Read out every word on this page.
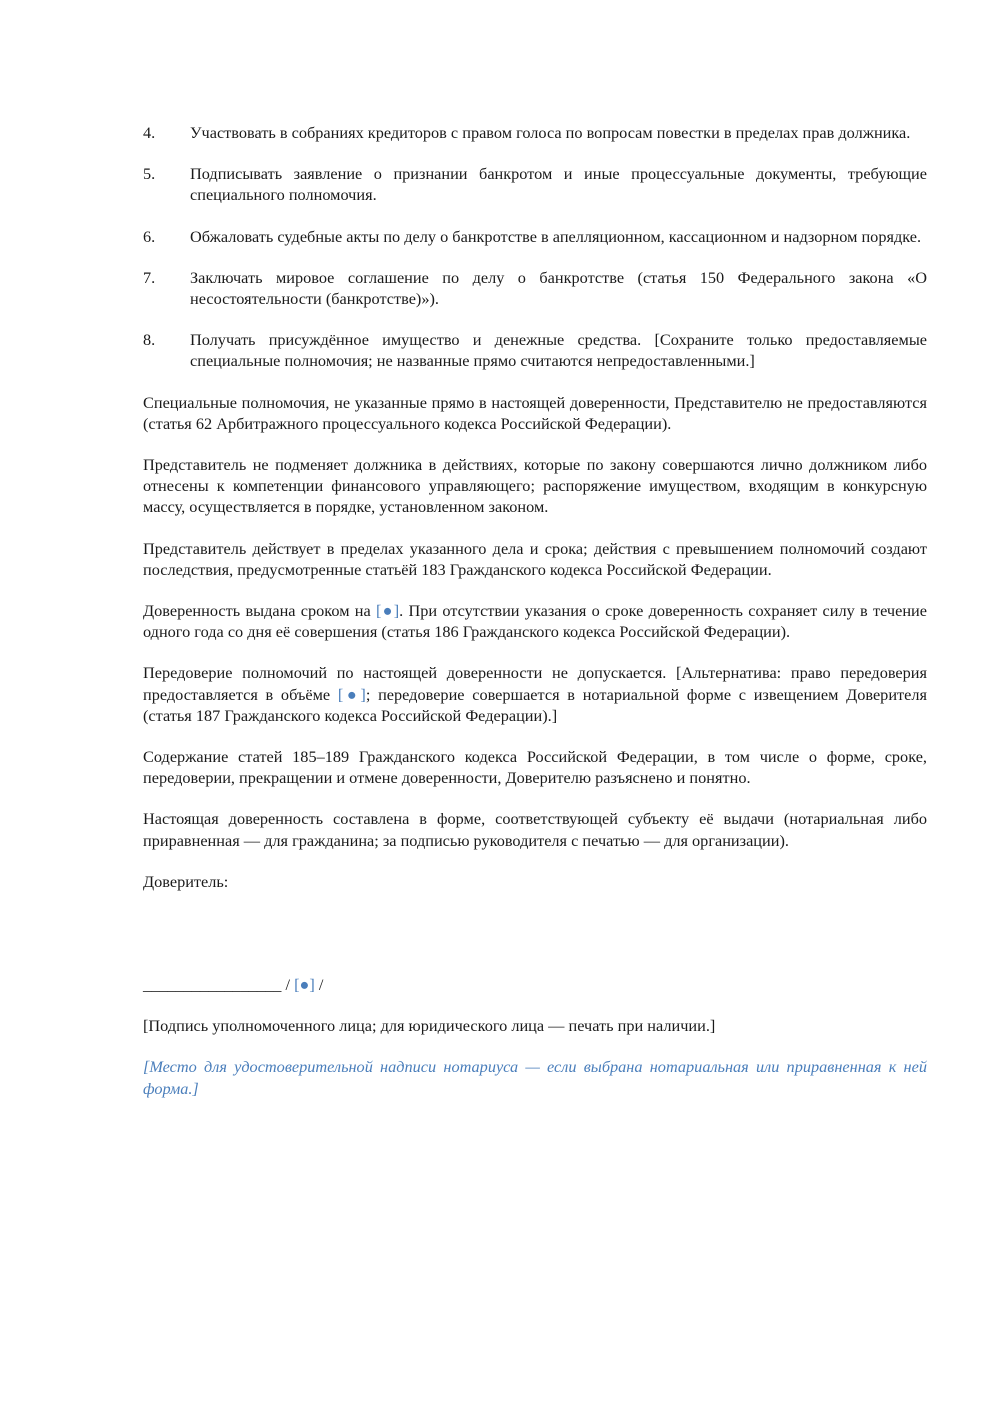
4.	Участвовать в собраниях кредиторов с правом голоса по вопросам повестки в пределах прав должника.
5.	Подписывать заявление о признании банкротом и иные процессуальные документы, требующие специального полномочия.
6.	Обжаловать судебные акты по делу о банкротстве в апелляционном, кассационном и надзорном порядке.
7.	Заключать мировое соглашение по делу о банкротстве (статья 150 Федерального закона «О несостоятельности (банкротстве)»).
8.	Получать присуждённое имущество и денежные средства. [Сохраните только предоставляемые специальные полномочия; не названные прямо считаются непредоставленными.]

Специальные полномочия, не указанные прямо в настоящей доверенности, Представителю не предоставляются (статья 62 Арбитражного процессуального кодекса Российской Федерации).

Представитель не подменяет должника в действиях, которые по закону совершаются лично должником либо отнесены к компетенции финансового управляющего; распоряжение имуществом, входящим в конкурсную массу, осуществляется в порядке, установленном законом.

Представитель действует в пределах указанного дела и срока; действия с превышением полномочий создают последствия, предусмотренные статьёй 183 Гражданского кодекса Российской Федерации.

Доверенность выдана сроком на [●]. При отсутствии указания о сроке доверенность сохраняет силу в течение одного года со дня её совершения (статья 186 Гражданского кодекса Российской Федерации).

Передоверие полномочий по настоящей доверенности не допускается. [Альтернатива: право передоверия предоставляется в объёме [●]; передоверие совершается в нотариальной форме с извещением Доверителя (статья 187 Гражданского кодекса Российской Федерации).]

Содержание статей 185–189 Гражданского кодекса Российской Федерации, в том числе о форме, сроке, передоверии, прекращении и отмене доверенности, Доверителю разъяснено и понятно.

Настоящая доверенность составлена в форме, соответствующей субъекту её выдачи (нотариальная либо приравненная — для гражданина; за подписью руководителя с печатью — для организации).

Доверитель:

_________________ / [●] /

[Подпись уполномоченного лица; для юридического лица — печать при наличии.]

[Место для удостоверительной надписи нотариуса — если выбрана нотариальная или приравненная к ней форма.]
